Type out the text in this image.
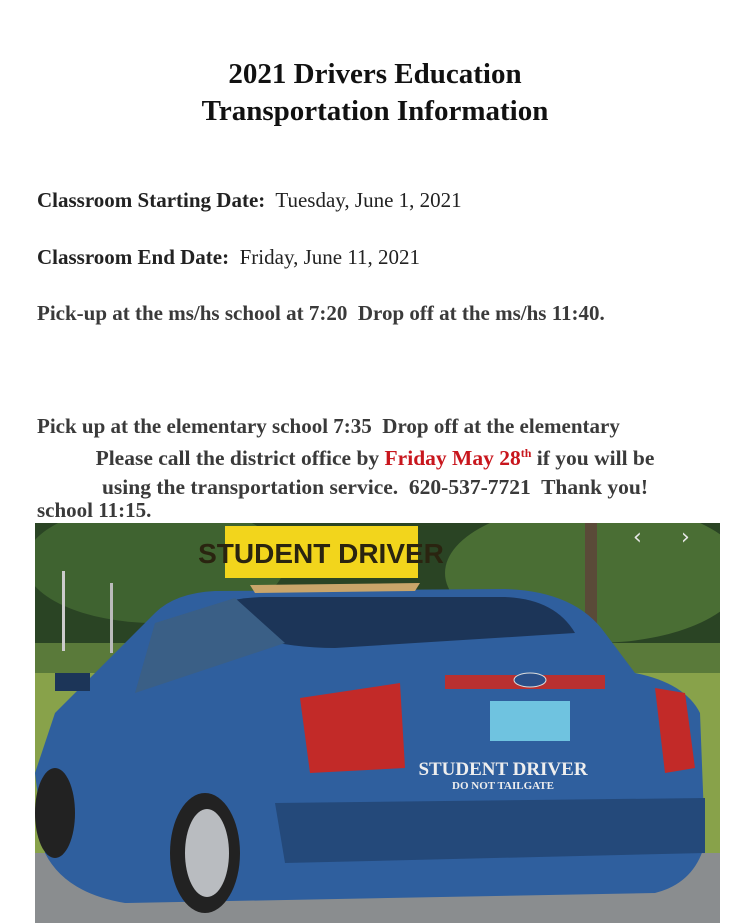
2021 Drivers Education
Transportation Information
Classroom Starting Date: Tuesday, June 1, 2021
Classroom End Date: Friday, June 11, 2021
Pick-up at the ms/hs school at 7:20  Drop off at the ms/hs 11:40.

Pick up at the elementary school 7:35  Drop off at the elementary

school 11:15.

Please call the district office by Friday May 28th if you will be

using the transportation service.  620-537-7721  Thank you!
STUDENT DRIVER
STUDENT DRIVER
DO NOT TAILGATE
‹ ›
